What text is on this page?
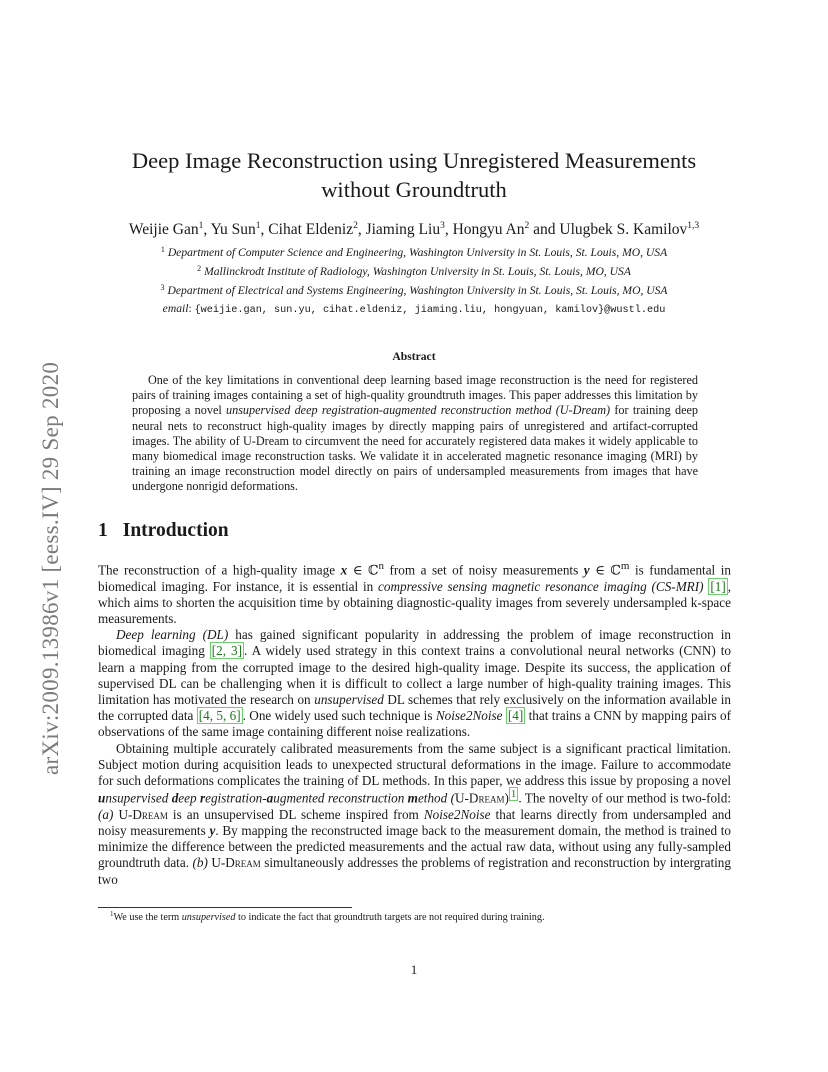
arXiv:2009.13986v1 [eess.IV] 29 Sep 2020
Deep Image Reconstruction using Unregistered Measurements
without Groundtruth
Weijie Gan$^1$, Yu Sun$^1$, Cihat Eldeniz$^2$, Jiaming Liu$^3$, Hongyu An$^2$ and Ulugbek S. Kamilov$^{1,3}$
$^1$ Department of Computer Science and Engineering, Washington University in St. Louis, St. Louis, MO, USA
$^2$ Mallinckrodt Institute of Radiology, Washington University in St. Louis, St. Louis, MO, USA
$^3$ Department of Electrical and Systems Engineering, Washington University in St. Louis, St. Louis, MO, USA
email: {weijie.gan, sun.yu, cihat.eldeniz, jiaming.liu, hongyuan, kamilov}@wustl.edu
Abstract
One of the key limitations in conventional deep learning based image reconstruction is the need for registered pairs of training images containing a set of high-quality groundtruth images. This paper addresses this limitation by proposing a novel unsupervised deep registration-augmented reconstruction method (U-Dream) for training deep neural nets to reconstruct high-quality images by directly mapping pairs of unregistered and artifact-corrupted images. The ability of U-Dream to circumvent the need for accurately registered data makes it widely applicable to many biomedical image reconstruction tasks. We validate it in accelerated magnetic resonance imaging (MRI) by training an image reconstruction model directly on pairs of undersampled measurements from images that have undergone nonrigid deformations.
1 Introduction

The reconstruction of a high-quality image x ∈ ℂ$^n$ from a set of noisy measurements y ∈ ℂ$^m$ is fundamental in biomedical imaging. For instance, it is essential in compressive sensing magnetic resonance imaging (CS-MRI) [1] , which aims to shorten the acquisition time by obtaining diagnostic-quality images from severely undersampled k-space measurements.

Deep learning (DL) has gained significant popularity in addressing the problem of image reconstruction in biomedical imaging [2, 3] . A widely used strategy in this context trains a convolutional neural networks (CNN) to learn a mapping from the corrupted image to the desired high-quality image. Despite its success, the application of supervised DL can be challenging when it is difficult to collect a large number of high-quality training images. This limitation has motivated the research on unsupervised DL schemes that rely exclusively on the information available in the corrupted data [4, 5, 6] . One widely used such technique is Noise2Noise [4] that trains a CNN by mapping pairs of observations of the same image containing different noise realizations.

Obtaining multiple accurately calibrated measurements from the same subject is a significant practical limitation. Subject motion during acquisition leads to unexpected structural deformations in the image. Failure to accommodate for such deformations complicates the training of DL methods. In this paper, we address this issue by proposing a novel unsupervised deep registration-augmented reconstruction method (U-Dream) $^1$ . The novelty of our method is two-fold: (a) U-Dream is an unsupervised DL scheme inspired from Noise2Noise that learns directly from undersampled and noisy measurements y. By mapping the reconstructed image back to the measurement domain, the method is trained to minimize the difference between the predicted measurements and the actual raw data, without using any fully-sampled groundtruth data. (b) U-Dream simultaneously addresses the problems of registration and reconstruction by intergrating two

$^1$We use the term unsupervised to indicate the fact that groundtruth targets are not required during training.
1
